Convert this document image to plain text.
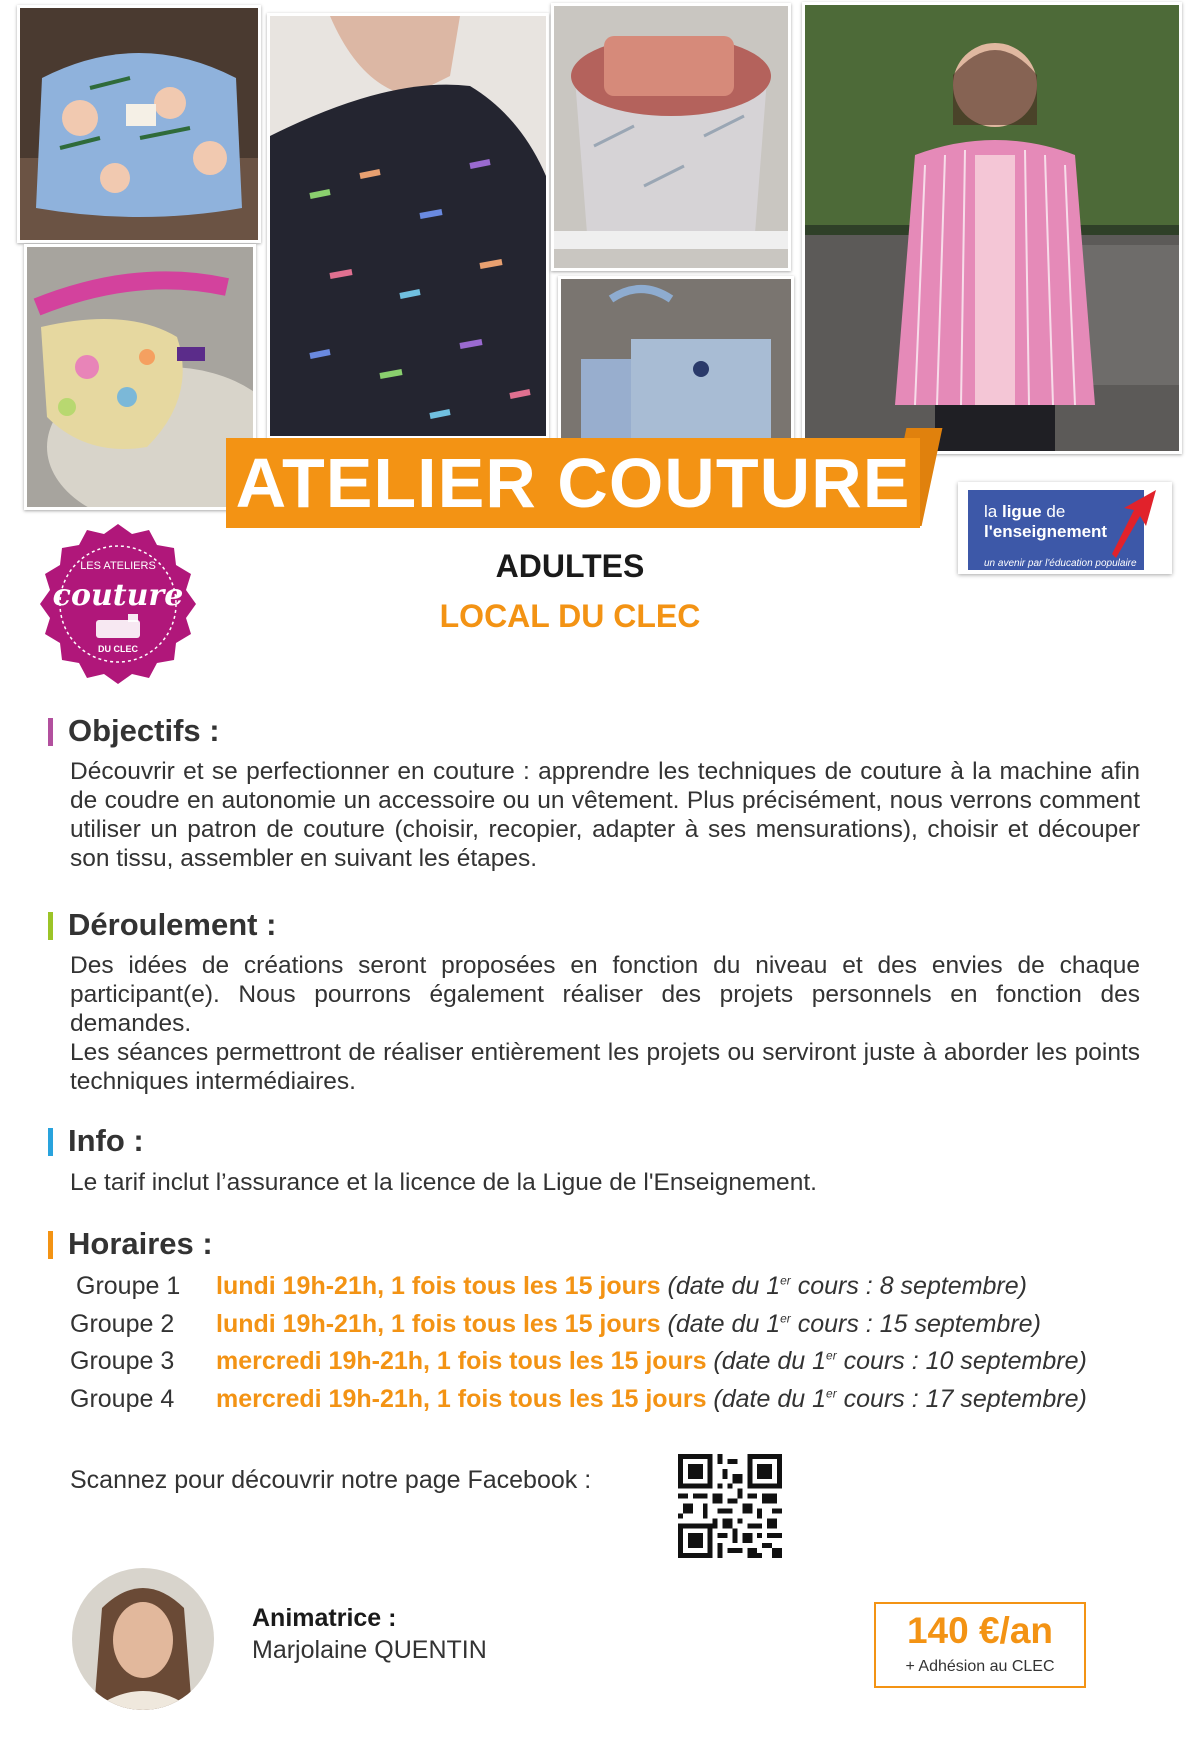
ATELIER COUTURE	la ligue de
l'enseignement
un avenir par l'éducation populaire
LES ATELIERS
couture
DU CLEC
ADULTES
LOCAL DU CLEC
Objectifs :
Découvrir et se perfectionner en couture : apprendre les techniques de couture à la machine afin de coudre en autonomie un accessoire ou un vêtement. Plus précisément, nous verrons comment utiliser un patron de couture (choisir, recopier, adapter à ses mensurations), choisir et découper son tissu, assembler en suivant les étapes.
Déroulement :
Des idées de créations seront proposées en fonction du niveau et des envies de chaque participant(e). Nous pourrons également réaliser des projets personnels en fonction des demandes.
Les séances permettront de réaliser entièrement les projets ou serviront juste à aborder les points techniques intermédiaires.
Info :
Le tarif inclut l’assurance et la licence de la Ligue de l'Enseignement.
Horaires :
Groupe 1 lundi 19h-21h, 1 fois tous les 15 jours (date du 1er cours : 8 septembre)
Groupe 2 lundi 19h-21h, 1 fois tous les 15 jours (date du 1er cours : 15 septembre)
Groupe 3 mercredi 19h-21h, 1 fois tous les 15 jours (date du 1er cours : 10 septembre)
Groupe 4 mercredi 19h-21h, 1 fois tous les 15 jours (date du 1er cours : 17 septembre)
Scannez pour découvrir notre page Facebook :
Animatrice :
Marjolaine QUENTIN	140 €/an
+ Adhésion au CLEC
